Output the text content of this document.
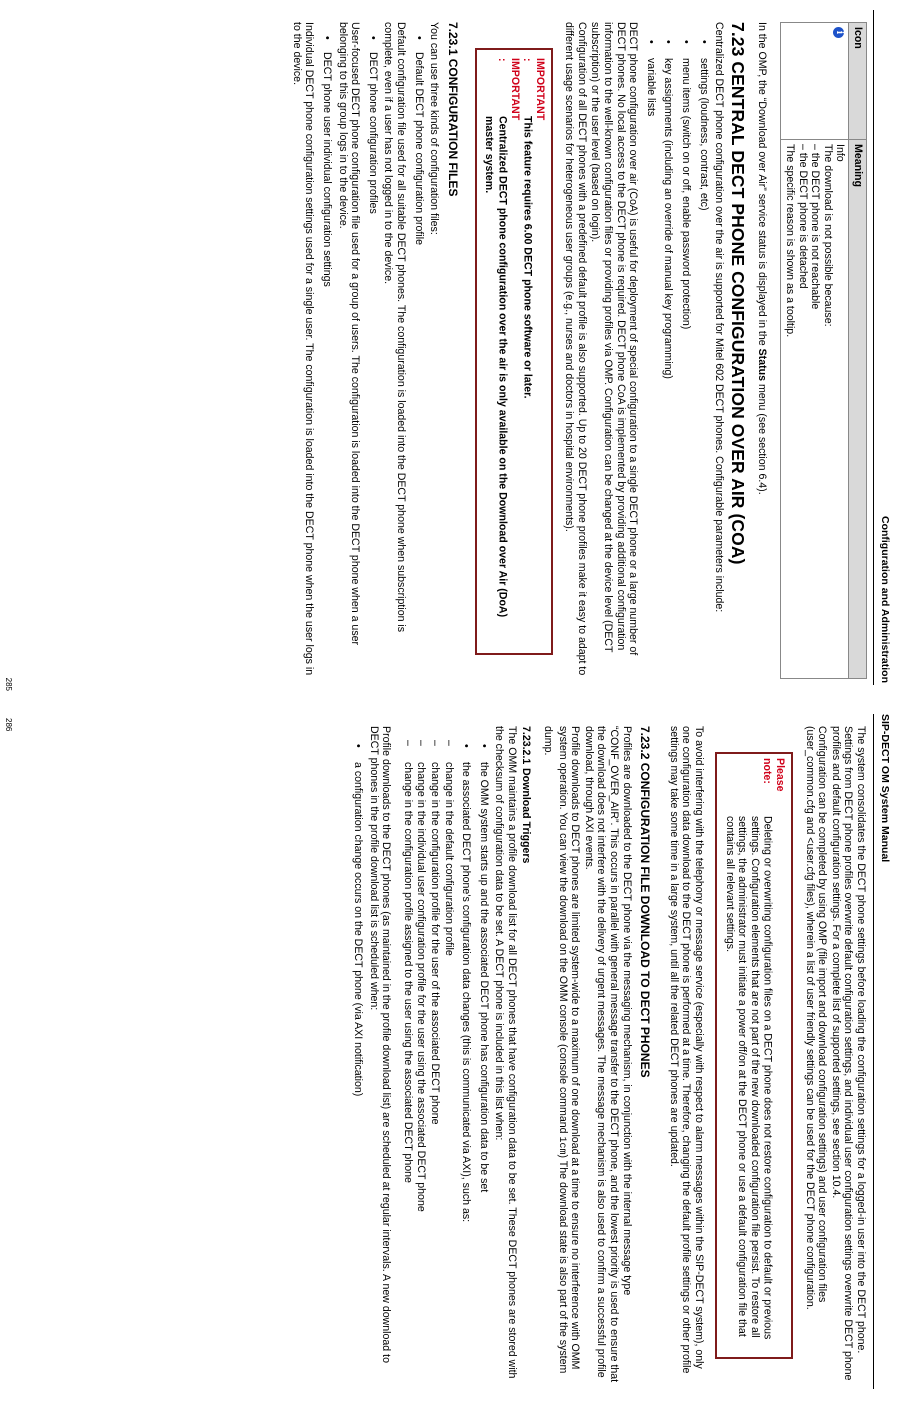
Configuration and Administration
Icon	Meaning
i	Info
The download is not possible because:
– the DECT phone is not reachable
– the DECT phone is detached
The specific reason is shown as a tooltip.

In the OMP, the “Download over Air” service status is displayed in the Status menu (see section 6.4).

7.23 CENTRAL DECT PHONE CONFIGURATION OVER AIR (COA)

Centralized DECT phone configuration over the air is supported for Mitel 602 DECT phones. Configurable parameters include:

• settings (loudness, contrast, etc)
• menu items (switch on or off, enable password protection)
• key assignments (including an override of manual key programming)
• variable lists

DECT phone configuration over air (CoA) is useful for deployment of special configuration to a single DECT phone or a large number of DECT phones. No local access to the DECT phone is required. DECT phone CoA is implemented by providing additional configuration information to the well-known configuration files or providing profiles via OMP. Configuration can be changed at the device level (DECT subscription) or the user level (based on login).

Configuration of all DECT phones with a predefined default profile is also supported. Up to 20 DECT phone profiles make it easy to adapt to different usage scenarios for heterogeneous user groups (e.g., nurses and doctors in hospital environments).

IMPORTANT :This feature requires 6.00 DECT phone software or later.
IMPORTANT :Centralized DECT phone configuration over the air is only available on the Download over Air (DoA) master system.
7.23.1 CONFIGURATION FILES

You can use three kinds of configuration files:

• Default DECT phone configuration profile

Default configuration file used for all suitable DECT phones. The configuration is loaded into the DECT phone when subscription is complete, even if a user has not logged in to the device.

• DECT phone configuration profiles

User-focused DECT phone configuration file used for a group of users. The configuration is loaded into the DECT phone when a user belonging to this group logs in to the device.

• DECT phone user individual configuration settings

Individual DECT phone configuration settings used for a single user. The configuration is loaded into the DECT phone when the user logs in to the device.

285
SIP-DECT OM System Manual

The system consolidates the DECT phone settings before loading the configuration settings for a logged-in user into the DECT phone. Settings from DECT phone profiles overwrite default configuration settings, and individual user configuration settings overwrite DECT phone profiles and default configuration settings. For a complete list of supported settings, see section 10.4.

Configuration can be completed by using OMP (file import and download configuration settings) and user configuration files (user_common.cfg and <user.cfg files), wherein a list of user friendly settings can be used for the DECT phone configuration.

Please note:Deleting or overwriting configuration files on a DECT phone does not restore configuration to default or previous settings. Configuration elements that are not part of the new downloaded configuration file persist. To restore all settings, the administrator must initiate a power off/on at the DECT phone or use a default configuration file that contains all relevant settings.

To avoid interfering with the telephony or message service (especially with respect to alarm messages within the SIP-DECT system), only one configuration data download to the DECT phone is performed at a time. Therefore, changing the default profile settings or other profile settings may take some time in a large system, until all the related DECT phones are updated.

7.23.2 CONFIGURATION FILE DOWNLOAD TO DECT PHONES

Profiles are downloaded to the DECT phone via the messaging mechanism, in conjunction with the internal message type “CONF_OVER_AIR”. This occurs in parallel with general message transfer to the DECT phone, and the lowest priority is used to ensure that the download does not interfere with the delivery of urgent messages. The message mechanism is also used to confirm a successful profile download, through AXI events.

Profile downloads to DECT phones are limited system-wide to a maximum of one download at a time to ensure no interference with OMM system operation. You can view the download on the OMM console (console command 1cm) The download state is also part of the system dump.

7.23.2.1Download Triggers

The OMM maintains a profile download list for all DECT phones that have configuration data to be set. These DECT phones are stored with the checksum of configuration data to be set. A DECT phone is included in this list when:

• the OMM system starts up and the associated DECT phone has configuration data to be set
• the associated DECT phone’s configuration data changes (this is communicated via AXI), such as:
– change in the default configuration profile
– change in the configuration profile for the user of the associated DECT phone
– change in the individual user configuration profile for the user using the associated DECT phone
– change in the configuration profile assigned to the user using the associated DECT phone

Profile downloads to the DECT phones (as maintained in the profile download list) are scheduled at regular intervals. A new download to DECT phones in the profile download list is scheduled when:

• a configuration change occurs on the DECT phone (via AXI notification)
286
